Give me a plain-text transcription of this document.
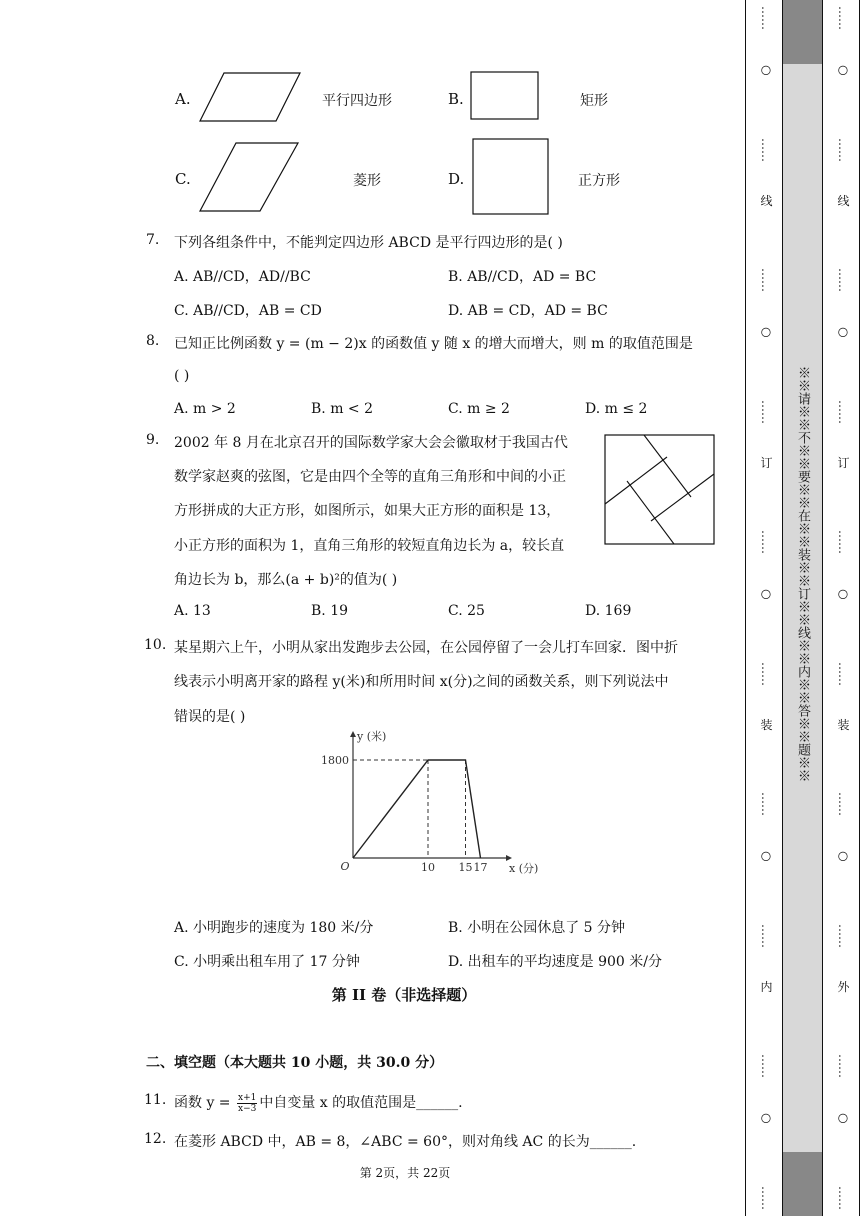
A.	平行四边形	B.	矩形
C.	菱形	D.	正方形
7. 下列各组条件中，不能判定四边形 ABCD 是平行四边形的是( )
A. AB//CD，AD//BC	B. AB//CD，AD = BC
C. AB//CD，AB = CD	D. AB = CD，AD = BC
8. 已知正比例函数 y = (m − 2)x 的函数值 y 随 x 的增大而增大，则 m 的取值范围是
( )
A. m > 2	B. m < 2	C. m ≥ 2	D. m ≤ 2
9. 2002 年 8 月在北京召开的国际数学家大会会徽取材于我国古代
数学家赵爽的弦图，它是由四个全等的直角三角形和中间的小正
方形拼成的大正方形，如图所示，如果大正方形的面积是 13，
小正方形的面积为 1，直角三角形的较短直角边长为 a，较长直
角边长为 b，那么(a + b)²的值为( )
A. 13	B. 19	C. 25	D. 169
10. 某星期六上午，小明从家出发跑步去公园，在公园停留了一会儿打车回家．图中折
线表示小明离开家的路程 y(米)和所用时间 x(分)之间的函数关系，则下列说法中
错误的是( )
O	10 15 17
1800
y (米)
x (分)
A. 小明跑步的速度为 180 米/分	B. 小明在公园休息了 5 分钟
C. 小明乘出租车用了 17 分钟	D. 出租车的平均速度是 900 米/分
第 II 卷（非选择题）
二、填空题（本大题共 10 小题，共 30.0 分）
11. 函数 $y = \frac{x+1}{x-3}$ 中自变量 x 的取值范围是______.
12. 在菱形 ABCD 中，AB = 8，∠ABC = 60°，则对角线 AC 的长为______.
第 2页，共 22页	…… ○ …… 线 …… ○ …… 订 …… ○ …… 装 …… ○ …… 内 …… ○ …… ※※请※※不※※要※※在※※装※※订※※线※※内※※答※※题※※ …… ○ …… 线 …… ○ …… 订 …… ○ …… 装 …… ○ …… 外 …… ○ ……
